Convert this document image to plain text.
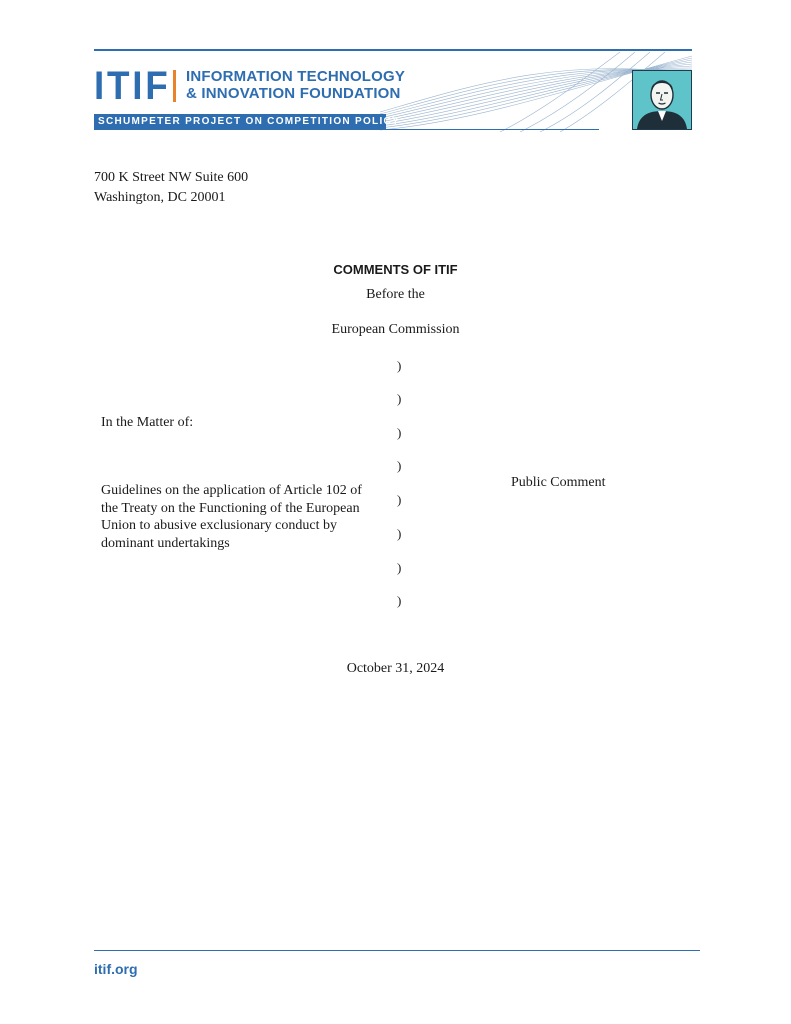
ITIF INFORMATION TECHNOLOGY
& INNOVATION FOUNDATION
SCHUMPETER PROJECT ON COMPETITION POLICY
700 K Street NW Suite 600
Washington, DC 20001
COMMENTS OF ITIF
Before the
European Commission
)
)
)
)
)
)
)
)
In the Matter of:
Guidelines on the application of Article 102 of
the Treaty on the Functioning of the European
Union to abusive exclusionary conduct by
dominant undertakings
Public Comment
October 31, 2024
itif.org
